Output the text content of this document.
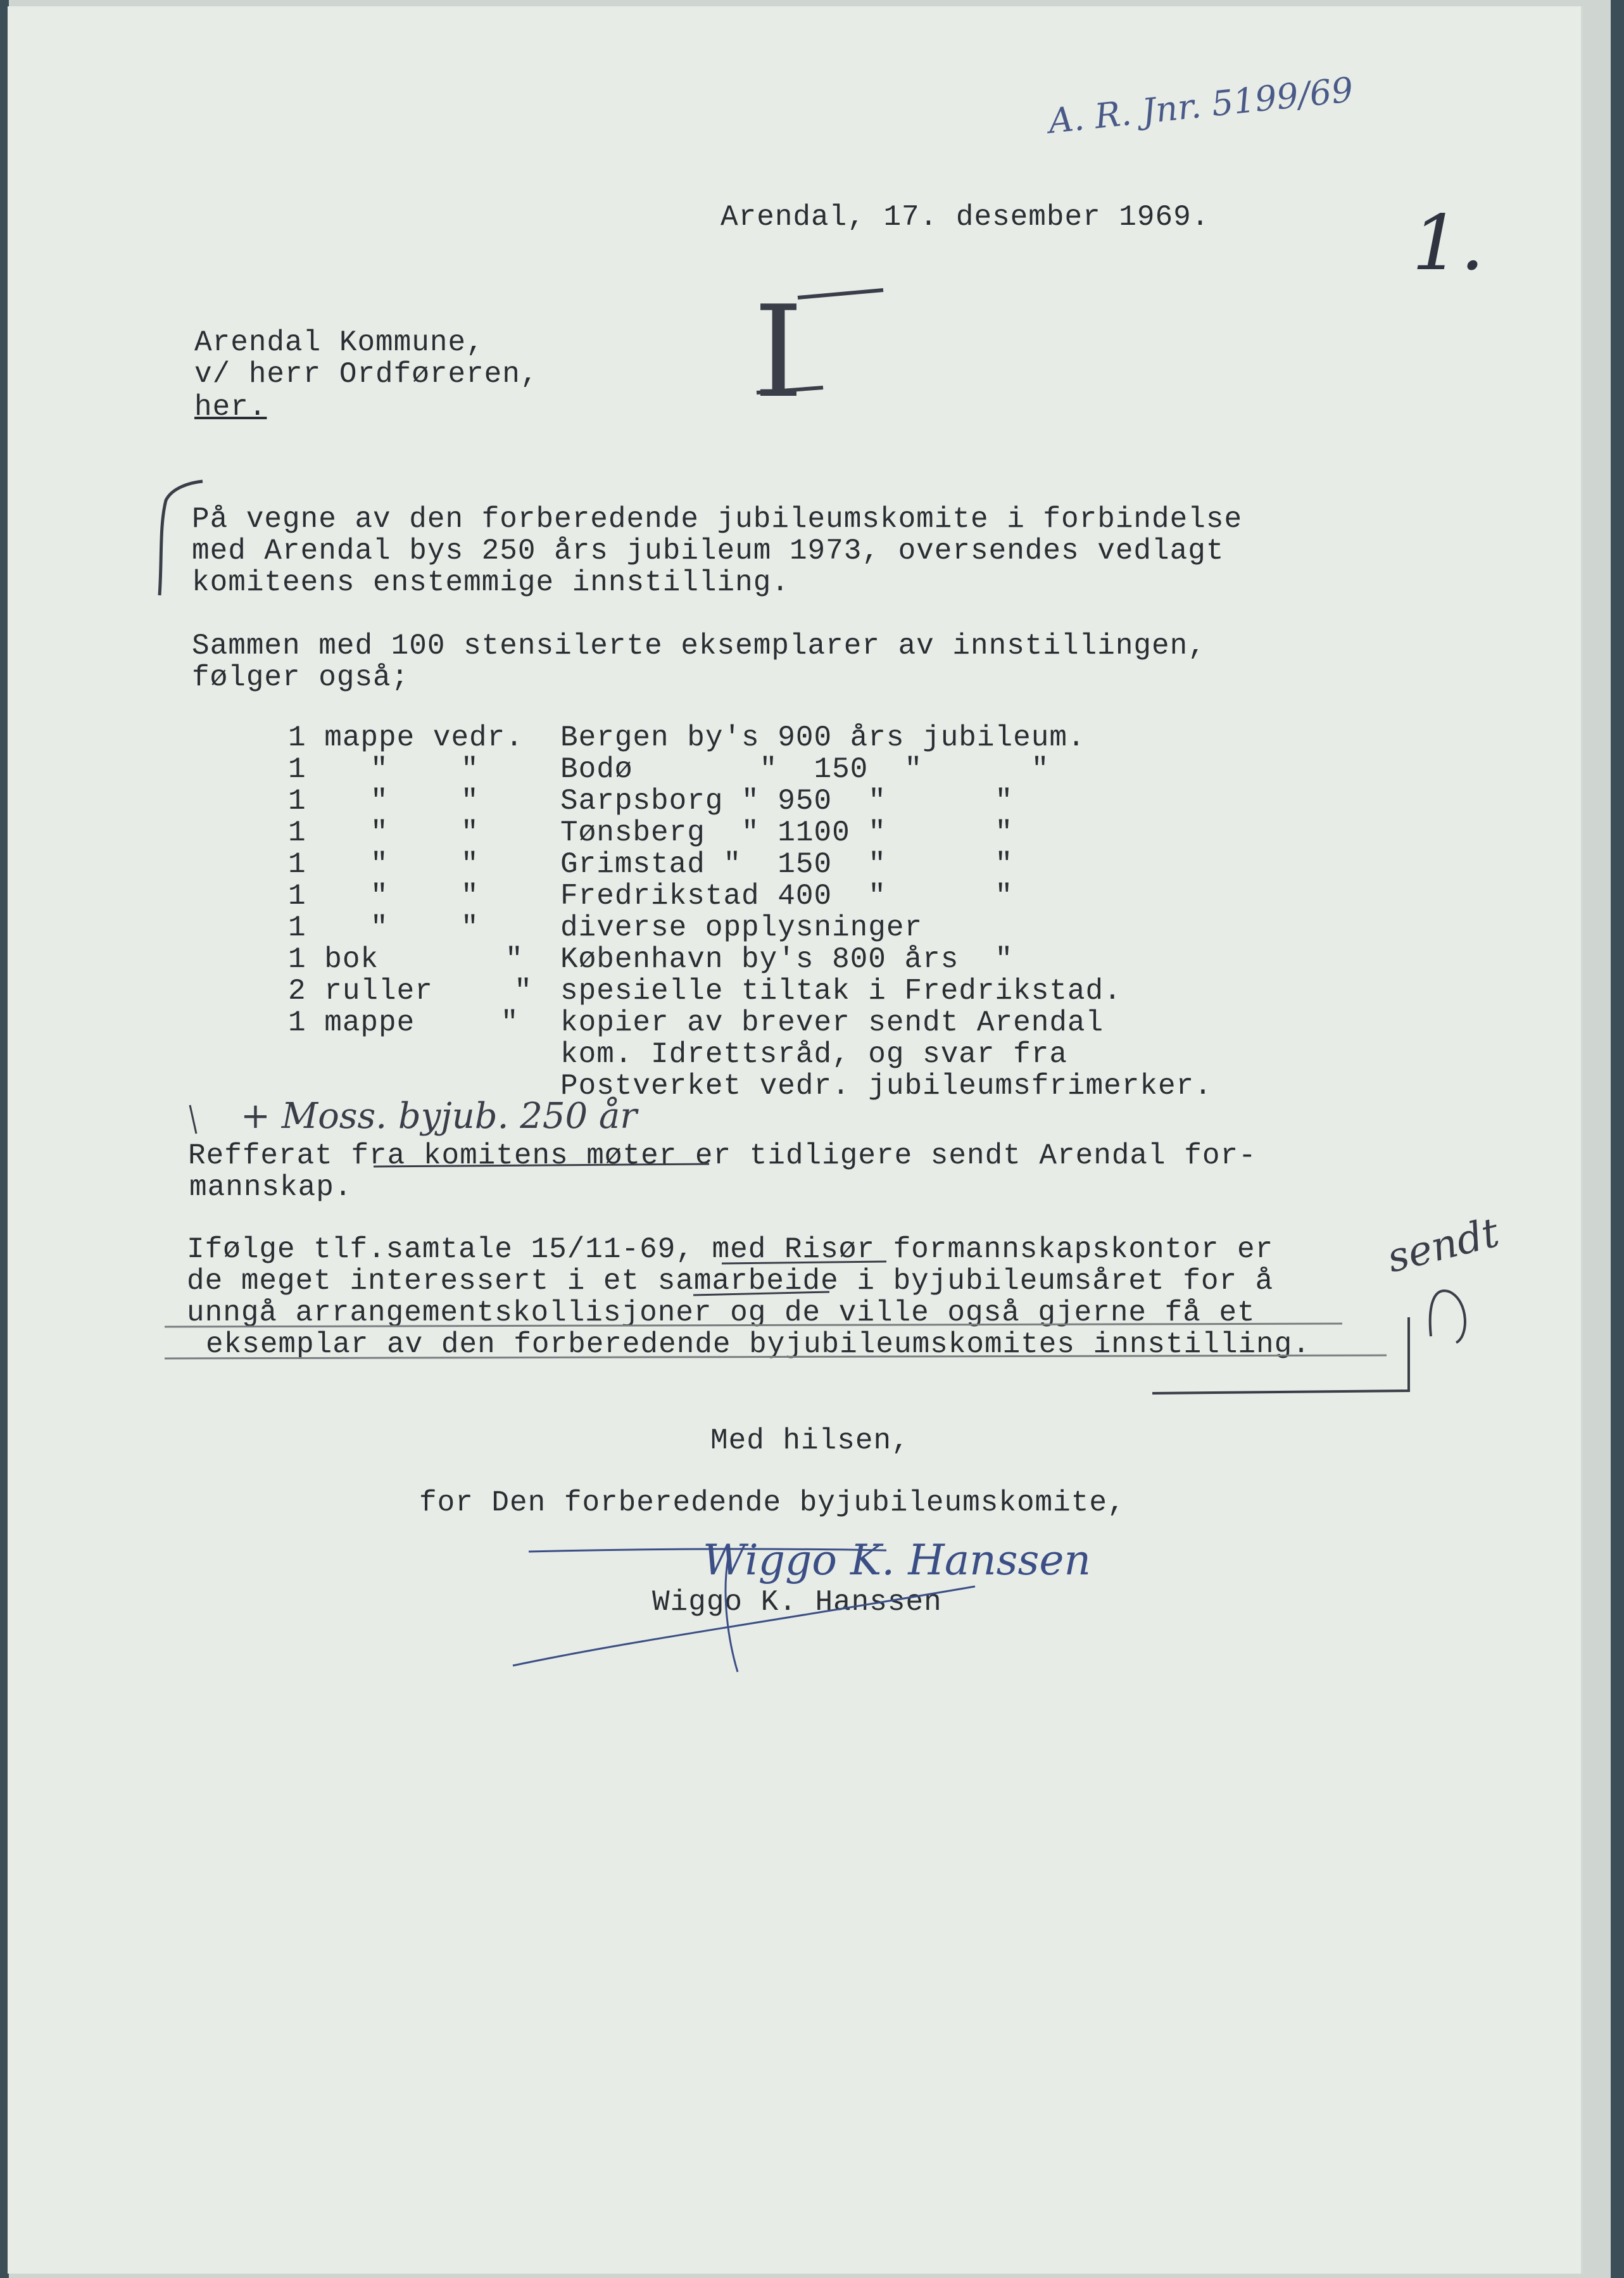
A. R. Jnr. 5199/69
1.
I
+ Moss. byjub. 250 år
sendt
Arendal, 17. desember 1969.
Arendal Kommune,
v/ herr Ordføreren,
her.
På vegne av den forberedende jubileumskomite i forbindelse
med Arendal bys 250 års jubileum 1973, oversendes vedlagt
komiteens enstemmige innstilling.
Sammen med 100 stensilerte eksemplarer av innstillingen,
følger også;
1 mappe vedr.	Bergen by's 900 års jubileum.
1	"    "	Bodø       "  150  "      "
1	"    "	Sarpsborg " 950  "      "
1	"    "	Tønsberg  " 1100 "      "
1	"    "	Grimstad "  150  "      "
1	"    "	Fredrikstad 400  "      "
1	"    "	diverse opplysninger
1 bok	"	København by's 800 års  "
2 ruller	" spesielle tiltak i Fredrikstad.
1 mappe	"	kopier av brever sendt Arendal
kom. Idrettsråd, og svar fra
Postverket vedr. jubileumsfrimerker.
Refferat fra komitens møter er tidligere sendt Arendal for-
mannskap.
Ifølge tlf.samtale 15/11-69, med Risør formannskapskontor er
de meget interessert i et samarbeide i byjubileumsåret for å
unngå arrangementskollisjoner og de ville også gjerne få et
eksemplar av den forberedende byjubileumskomites innstilling.
Med hilsen,
for Den forberedende byjubileumskomite,
Wiggo K. Hanssen
Wiggo K. Hanssen
